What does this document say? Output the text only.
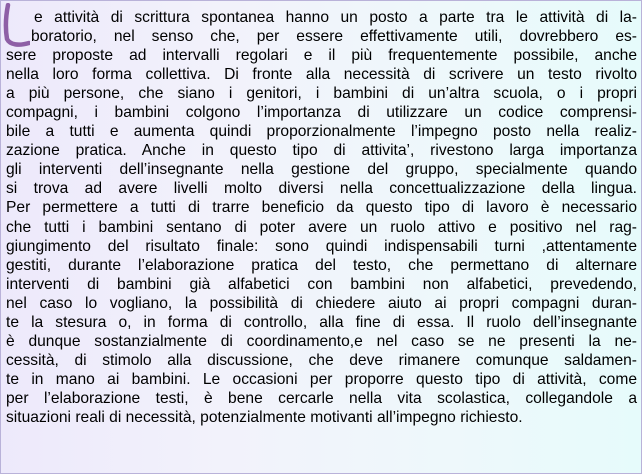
e attività di scrittura spontanea hanno un posto a parte tra le attività di la-
boratorio, nel senso che, per essere effettivamente utili, dovrebbero es-
sere proposte ad intervalli regolari e il più frequentemente possibile, anche
nella loro forma collettiva. Di fronte alla necessità di scrivere un testo rivolto
a più persone, che siano i genitori, i bambini di un’altra scuola, o i propri
compagni, i bambini colgono l’importanza di utilizzare un codice comprensi-
bile a tutti e aumenta quindi proporzionalmente l’impegno posto nella realiz-
zazione pratica. Anche in questo tipo di attivita’, rivestono larga importanza
gli interventi dell’insegnante nella gestione del gruppo, specialmente quando
si trova ad avere livelli molto diversi nella concettualizzazione della lingua.
Per permettere a tutti di trarre beneficio da questo tipo di lavoro è necessario
che tutti i bambini sentano di poter avere un ruolo attivo e positivo nel rag-
giungimento del risultato finale: sono quindi indispensabili turni ,attentamente
gestiti, durante l’elaborazione pratica del testo, che permettano di alternare
interventi di bambini già alfabetici con bambini non alfabetici, prevedendo,
nel caso lo vogliano, la possibilità di chiedere aiuto ai propri compagni duran-
te la stesura o, in forma di controllo, alla fine di essa. Il ruolo dell’insegnante
è dunque sostanzialmente di coordinamento,e nel caso se ne presenti la ne-
cessità, di stimolo alla discussione, che deve rimanere comunque saldamen-
te in mano ai bambini. Le occasioni per proporre questo tipo di attività, come
per l’elaborazione testi, è bene cercarle nella vita scolastica, collegandole a
situazioni reali di necessità, potenzialmente motivanti all’impegno richiesto.
